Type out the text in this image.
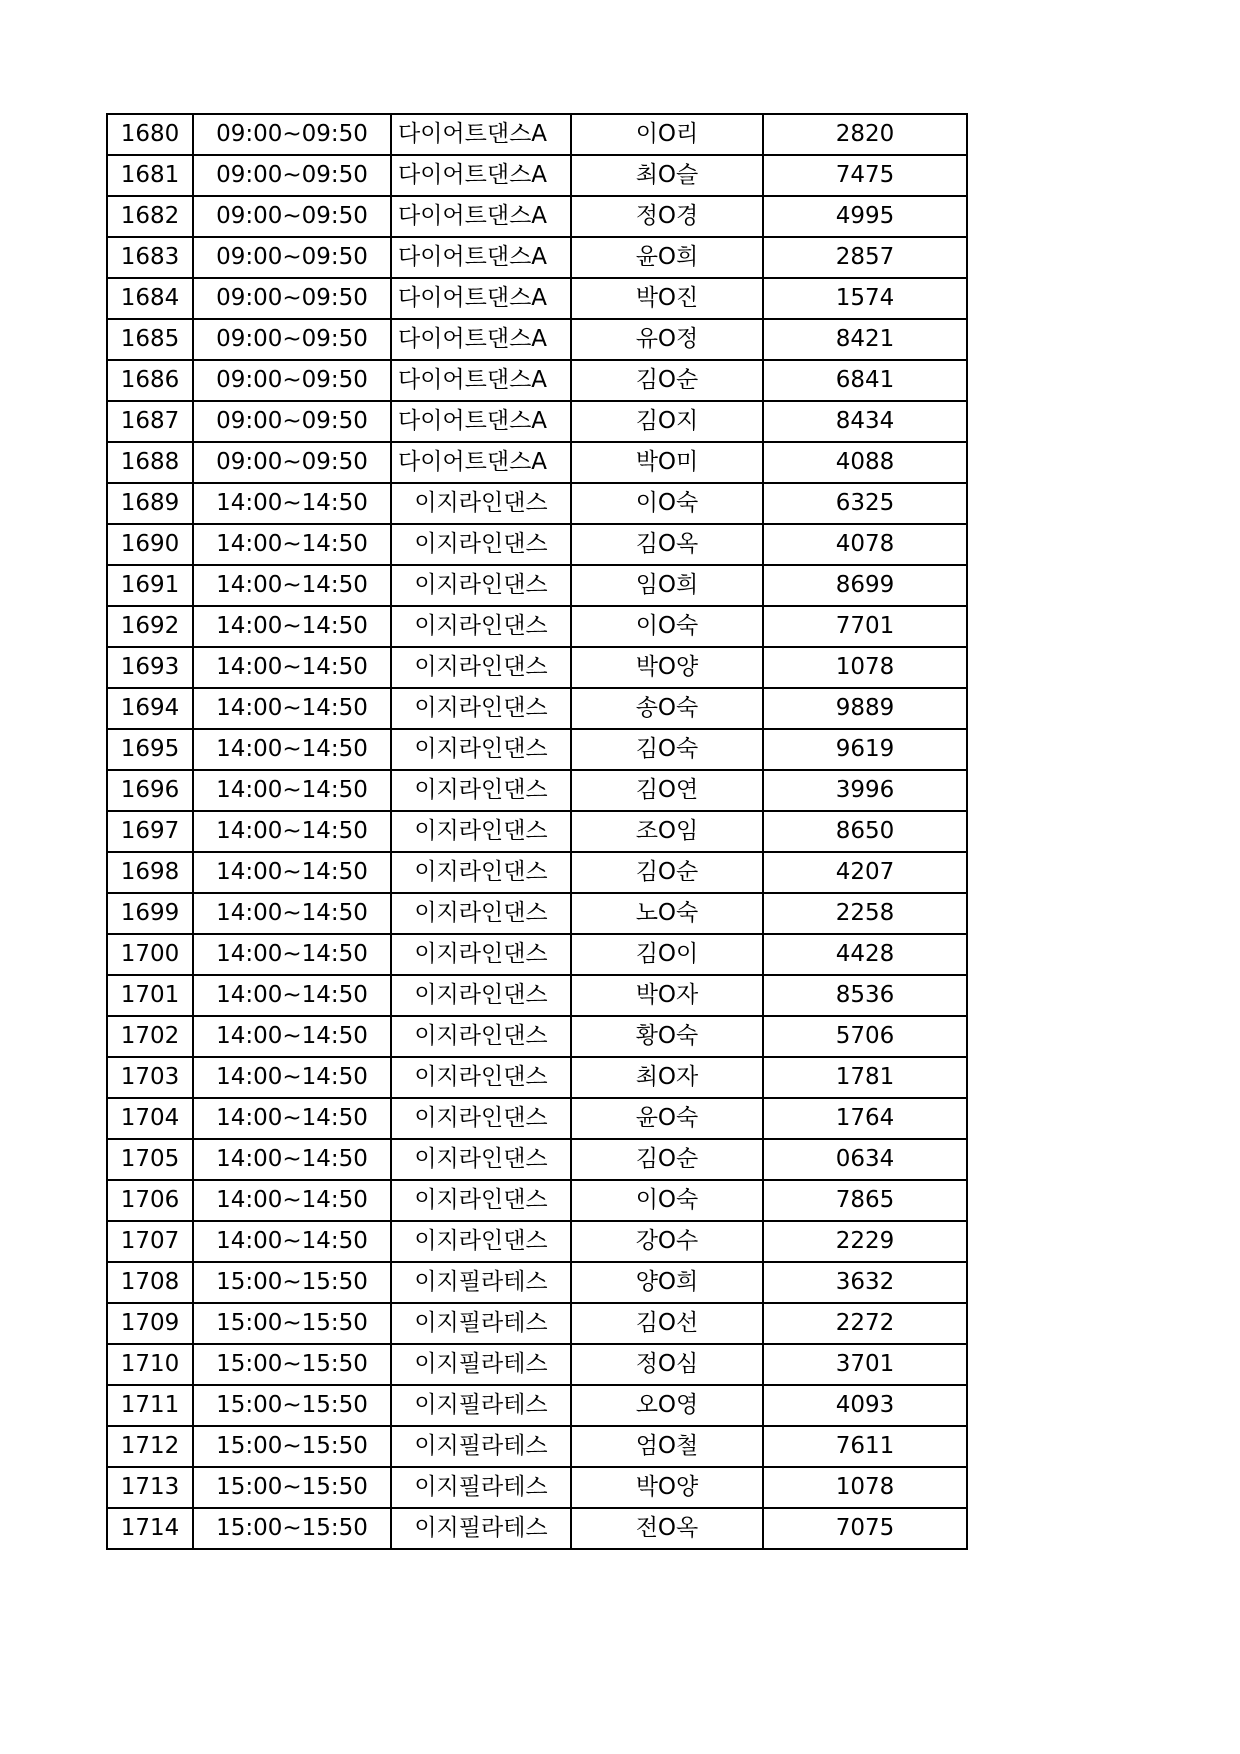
1680	09:00~09:50	다이어트댄스A	이O리	2820
1681	09:00~09:50	다이어트댄스A	최O슬	7475
1682	09:00~09:50	다이어트댄스A	정O경	4995
1683	09:00~09:50	다이어트댄스A	윤O희	2857
1684	09:00~09:50	다이어트댄스A	박O진	1574
1685	09:00~09:50	다이어트댄스A	유O정	8421
1686	09:00~09:50	다이어트댄스A	김O순	6841
1687	09:00~09:50	다이어트댄스A	김O지	8434
1688	09:00~09:50	다이어트댄스A	박O미	4088
1689	14:00~14:50	이지라인댄스	이O숙	6325
1690	14:00~14:50	이지라인댄스	김O옥	4078
1691	14:00~14:50	이지라인댄스	임O희	8699
1692	14:00~14:50	이지라인댄스	이O숙	7701
1693	14:00~14:50	이지라인댄스	박O양	1078
1694	14:00~14:50	이지라인댄스	송O숙	9889
1695	14:00~14:50	이지라인댄스	김O숙	9619
1696	14:00~14:50	이지라인댄스	김O연	3996
1697	14:00~14:50	이지라인댄스	조O임	8650
1698	14:00~14:50	이지라인댄스	김O순	4207
1699	14:00~14:50	이지라인댄스	노O숙	2258
1700	14:00~14:50	이지라인댄스	김O이	4428
1701	14:00~14:50	이지라인댄스	박O자	8536
1702	14:00~14:50	이지라인댄스	황O숙	5706
1703	14:00~14:50	이지라인댄스	최O자	1781
1704	14:00~14:50	이지라인댄스	윤O숙	1764
1705	14:00~14:50	이지라인댄스	김O순	0634
1706	14:00~14:50	이지라인댄스	이O숙	7865
1707	14:00~14:50	이지라인댄스	강O수	2229
1708	15:00~15:50	이지필라테스	양O희	3632
1709	15:00~15:50	이지필라테스	김O선	2272
1710	15:00~15:50	이지필라테스	정O심	3701
1711	15:00~15:50	이지필라테스	오O영	4093
1712	15:00~15:50	이지필라테스	엄O철	7611
1713	15:00~15:50	이지필라테스	박O양	1078
1714	15:00~15:50	이지필라테스	전O옥	7075
